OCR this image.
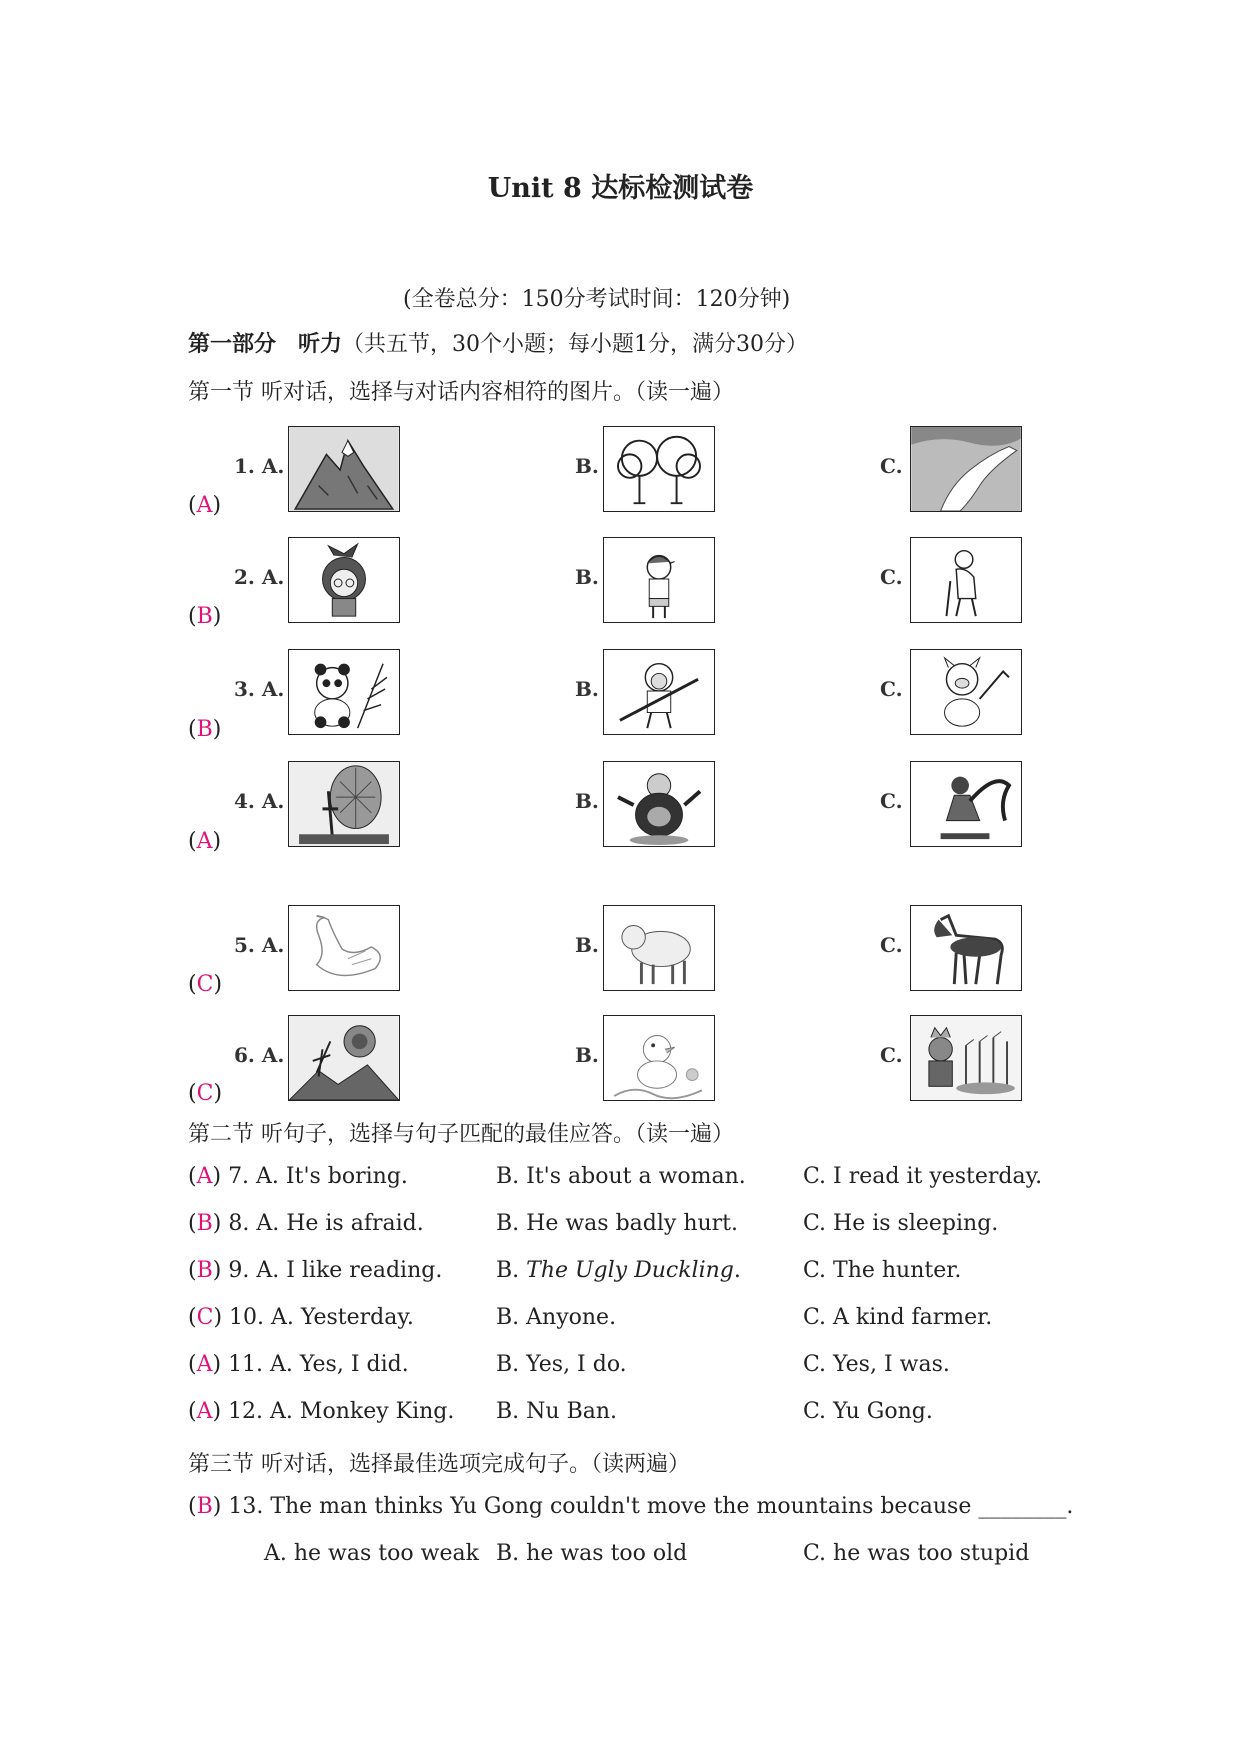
Unit 8 达标检测试卷
(全卷总分：150分考试时间：120分钟)
第一部分　听力（共五节，30个小题；每小题1分，满分30分）
第一节 听对话，选择与对话内容相符的图片。（读一遍）
1. A.	B.	C.
(A)
2. A.	B.	C.
(B)
3. A.	B.	C.
(B)
4. A.	B.	C.
(A)
5. A.	B.	C.
(C)
6. A.	B.	C.
(C)
第二节 听句子，选择与句子匹配的最佳应答。（读一遍）
(A) 7. A. It's boring.	B. It's about a woman.	C. I read it yesterday.
(B) 8. A. He is afraid.	B. He was badly hurt.	C. He is sleeping.
(B) 9. A. I like reading. B. The Ugly Duckling.	C. The hunter.
(C) 10. A. Yesterday.	B. Anyone.	C. A kind farmer.
(A) 11. A. Yes, I did.	B. Yes, I do.	C. Yes, I was.
(A) 12. A. Monkey King. B. Nu Ban.	C. Yu Gong.
第三节 听对话，选择最佳选项完成句子。（读两遍）
(B) 13. The man thinks Yu Gong couldn't move the mountains because ________.
A. he was too weak B. he was too old	C. he was too stupid
